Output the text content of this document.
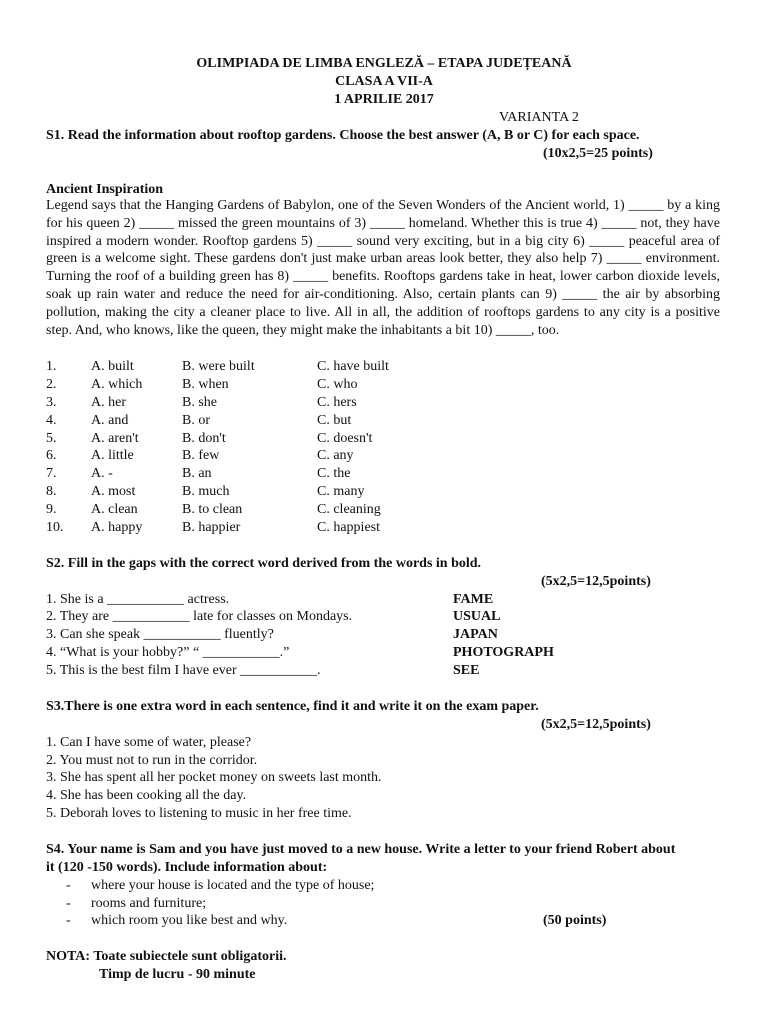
OLIMPIADA DE LIMBA ENGLEZĂ – ETAPA JUDEȚEANĂ
CLASA A VII-A
1 APRILIE 2017
VARIANTA 2
S1. Read the information about rooftop gardens. Choose the best answer (A, B or C) for each space.
(10x2,5=25 points)
Ancient Inspiration
Legend says that the Hanging Gardens of Babylon, one of the Seven Wonders of the Ancient world, 1) _____ by a king for his queen 2) _____ missed the green mountains of 3) _____ homeland. Whether this is true 4) _____ not, they have inspired a modern wonder. Rooftop gardens 5) _____ sound very exciting, but in a big city 6) _____ peaceful area of green is a welcome sight. These gardens don't just make urban areas look better, they also help 7) _____ environment. Turning the roof of a building green has 8) _____ benefits. Rooftops gardens take in heat, lower carbon dioxide levels, soak up rain water and reduce the need for air-conditioning. Also, certain plants can 9) _____ the air by absorbing pollution, making the city a cleaner place to live. All in all, the addition of rooftops gardens to any city is a positive step. And, who knows, like the queen, they might make the inhabitants a bit 10) _____, too.
1. A. built	B. were built	C. have built
2. A. which	B. when	C. who
3. A. her	B. she	C. hers
4. A. and	B. or	C. but
5. A. aren't	B. don't	C. doesn't
6. A. little	B. few	C. any
7. A. -	B. an	C. the
8. A. most	B. much	C. many
9. A. clean	B. to clean	C. cleaning
10. A. happy	B. happier	C. happiest
S2. Fill in the gaps with the correct word derived from the words in bold.
(5x2,5=12,5points)
1. She is a ___________ actress.	FAME
2. They are ___________ late for classes on Mondays.	USUAL
3. Can she speak ___________ fluently?	JAPAN
4. “What is your hobby?” “ ___________.”	PHOTOGRAPH
5. This is the best film I have ever ___________.	SEE
S3.There is one extra word in each sentence, find it and write it on the exam paper.
(5x2,5=12,5points)
1. Can I have some of water, please?
2. You must not to run in the corridor.
3. She has spent all her pocket money on sweets last month.
4. She has been cooking all the day.
5. Deborah loves to listening to music in her free time.
S4. Your name is Sam and you have just moved to a new house. Write a letter to your friend Robert about
it (120 -150 words). Include information about:
- where your house is located and the type of house;
- rooms and furniture;
- which room you like best and why.	(50 points)
NOTA: Toate subiectele sunt obligatorii.
Timp de lucru - 90 minute
